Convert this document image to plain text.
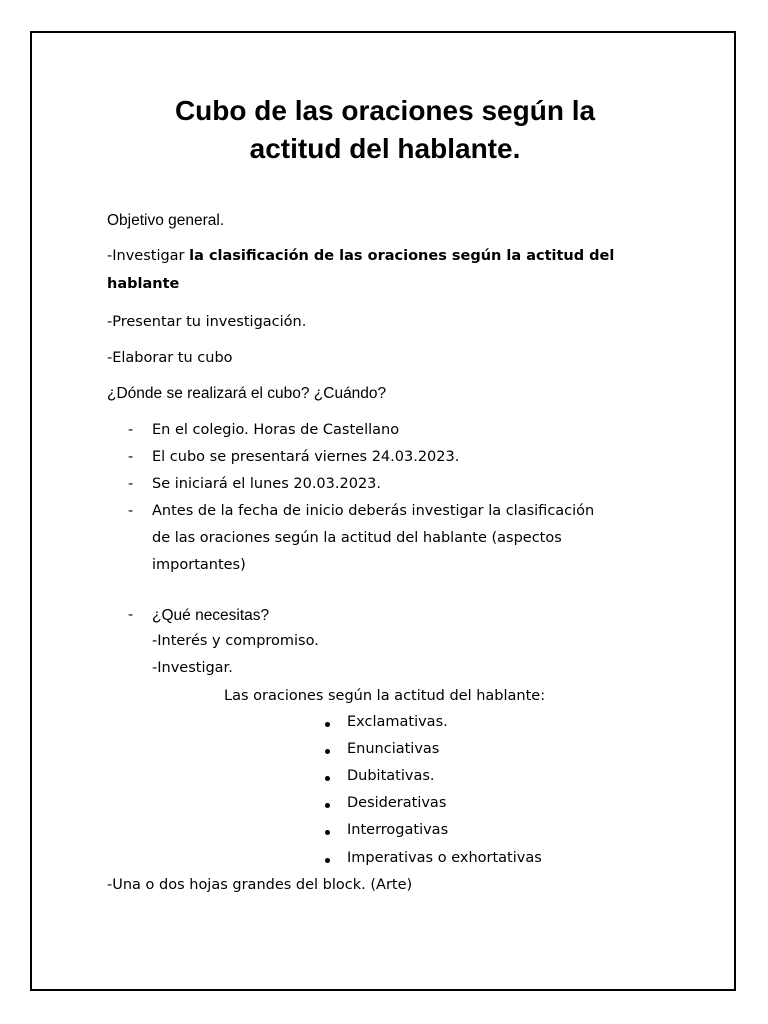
Cubo de las oraciones según la
actitud del hablante.
Objetivo general.
-Investigar la clasificación de las oraciones según la actitud del
hablante
-Presentar tu investigación.
-Elaborar tu cubo
¿Dónde se realizará el cubo? ¿Cuándo?
- En el colegio. Horas de Castellano
- El cubo se presentará viernes 24.03.2023.
- Se iniciará el lunes 20.03.2023.
- Antes de la fecha de inicio deberás investigar la clasificación
de las oraciones según la actitud del hablante (aspectos
importantes)
- ¿Qué necesitas?
-Interés y compromiso.
-Investigar.
Las oraciones según la actitud del hablante:
Exclamativas.
Enunciativas
Dubitativas.
Desiderativas
Interrogativas
Imperativas o exhortativas
-Una o dos hojas grandes del block. (Arte)
